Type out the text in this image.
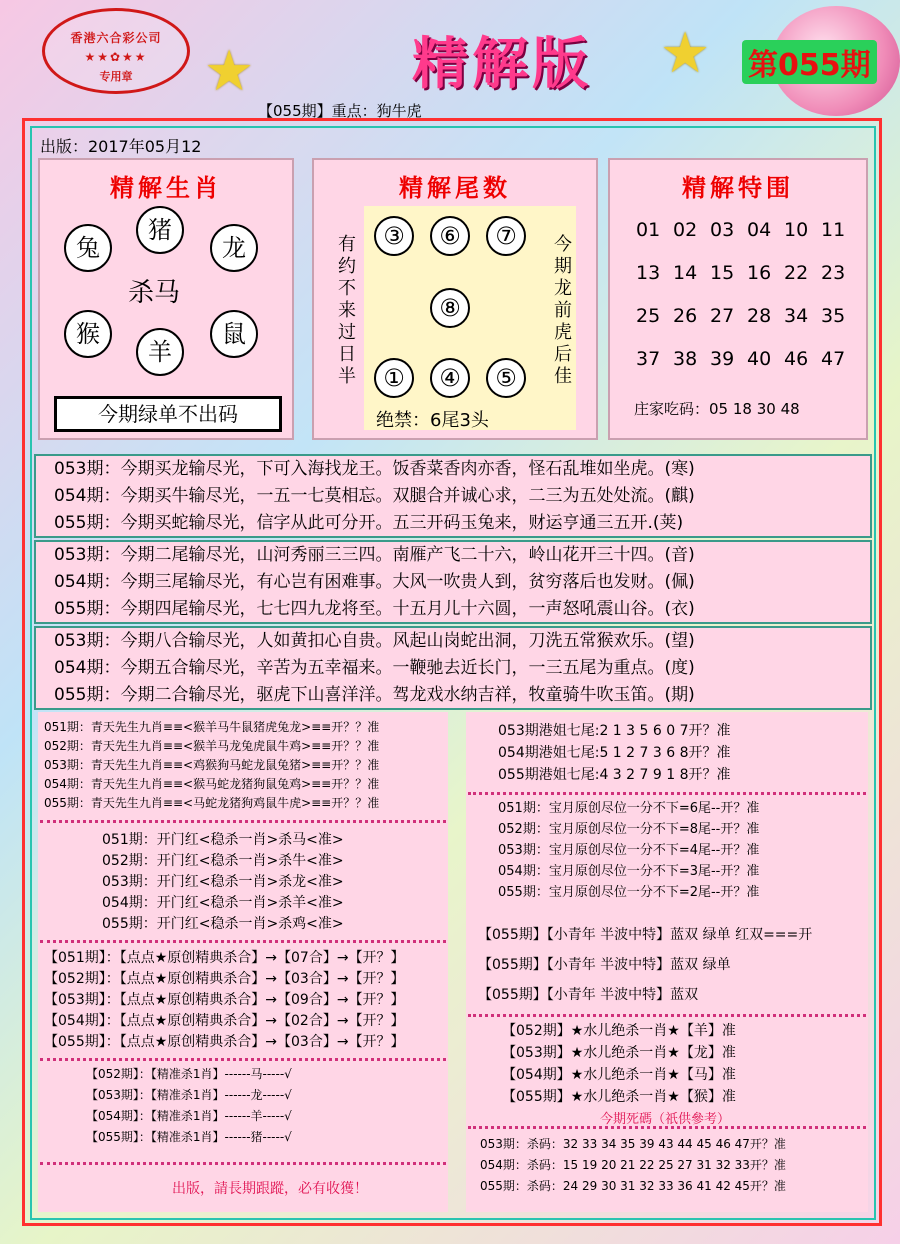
香港六合彩公司
★★✿★★
专用章	★	★
精解版	第055期
【055期】重点：狗牛虎
出版：2017年05月12
精解生肖
兔
猪
龙
猴
羊
鼠
杀马
今期绿单不出码
精解尾数
有约不来过日半
今期龙前虎后佳
③	⑥	⑦
⑧
①	④	⑤
绝禁：6尾3头
精解特围
01 02 03 04 10 11
13 14 15 16 22 23
25 26 27 28 34 35
37 38 39 40 46 47
庄家吃码：05 18 30 48
053期：今期买龙输尽光，下可入海找龙王。饭香菜香肉亦香，怪石乱堆如坐虎。(寒)
054期：今期买牛输尽光，一五一七莫相忘。双腿合并诚心求，二三为五处处流。(麒)
055期：今期买蛇输尽光，信字从此可分开。五三开码玉兔来，财运亨通三五开.(荚)
053期：今期二尾输尽光，山河秀丽三三四。南雁产飞二十六，岭山花开三十四。(音)
054期：今期三尾输尽光，有心岂有困难事。大风一吹贵人到，贫穷落后也发财。(佩)
055期：今期四尾输尽光，七七四九龙将至。十五月儿十六圆，一声怒吼震山谷。(衣)
053期：今期八合输尽光，人如黄扣心自贵。风起山岗蛇出洞，刀洗五常猴欢乐。(望)
054期：今期五合输尽光，辛苦为五幸福来。一鞭驰去近长门，一三五尾为重点。(度)
055期：今期二合输尽光，驱虎下山喜洋洋。驾龙戏水纳吉祥，牧童骑牛吹玉笛。(期)
051期：青天先生九肖≡≡<猴羊马牛鼠猪虎兔龙>≡≡开？？准
052期：青天先生九肖≡≡<猴羊马龙兔虎鼠牛鸡>≡≡开？？准
053期：青天先生九肖≡≡<鸡猴狗马蛇龙鼠兔猪>≡≡开？？准
054期：青天先生九肖≡≡<猴马蛇龙猪狗鼠兔鸡>≡≡开？？准
055期：青天先生九肖≡≡<马蛇龙猪狗鸡鼠牛虎>≡≡开？？准
051期：开门红<稳杀一肖>杀马<准>
052期：开门红<稳杀一肖>杀牛<准>
053期：开门红<稳杀一肖>杀龙<准>
054期：开门红<稳杀一肖>杀羊<准>
055期：开门红<稳杀一肖>杀鸡<准>
【051期】：【点点★原创精典杀合】→【07合】→【开？】
【052期】：【点点★原创精典杀合】→【03合】→【开？】
【053期】：【点点★原创精典杀合】→【09合】→【开？】
【054期】：【点点★原创精典杀合】→【02合】→【开？】
【055期】：【点点★原创精典杀合】→【03合】→【开？】
【052期】：【精准杀1肖】------马-----√
【053期】：【精准杀1肖】------龙-----√
【054期】：【精准杀1肖】------羊-----√
【055期】：【精准杀1肖】------猪-----√
出版，請長期跟蹤，必有收獲！
053期港姐七尾:2 1 3 5 6 0 7开？准
054期港姐七尾:5 1 2 7 3 6 8开？准
055期港姐七尾:4 3 2 7 9 1 8开？准
051期：宝月原创尽位一分不下=6尾--开？准
052期：宝月原创尽位一分不下=8尾--开？准
053期：宝月原创尽位一分不下=4尾--开？准
054期：宝月原创尽位一分不下=3尾--开？准
055期：宝月原创尽位一分不下=2尾--开？准
【055期】【小青年 半波中特】蓝双 绿单 红双===开
【055期】【小青年 半波中特】蓝双 绿单
【055期】【小青年 半波中特】蓝双
【052期】★水儿绝杀一肖★【羊】准
【053期】★水儿绝杀一肖★【龙】准
【054期】★水儿绝杀一肖★【马】准
【055期】★水儿绝杀一肖★【猴】准
今期死碼（祇供參考）
053期：杀码：32 33 34 35 39 43 44 45 46 47开？准
054期：杀码：15 19 20 21 22 25 27 31 32 33开？准
055期：杀码：24 29 30 31 32 33 36 41 42 45开？准
